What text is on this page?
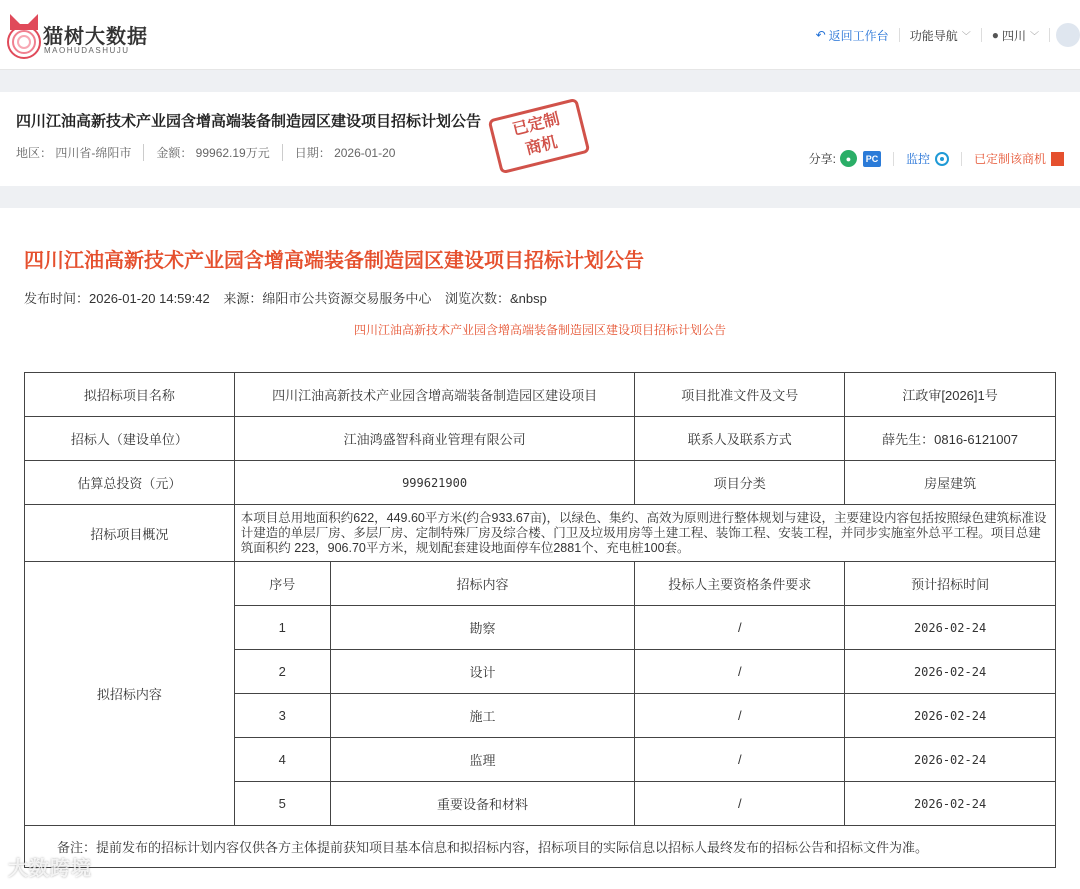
猫树大数据
MAOHUDASHUJU
↶ 返回工作台 功能导航 ﹀ ● 四川 ﹀
四川江油高新技术产业园含增高端装备制造园区建设项目招标计划公告
地区： 四川省-绵阳市	金额： 99962.19万元	日期： 2026-01-20
已定制
商机
分享:	●	PC 监控	已定制该商机
四川江油高新技术产业园含增高端装备制造园区建设项目招标计划公告
发布时间：2026-01-20 14:59:42 来源：绵阳市公共资源交易服务中心 浏览次数：&nbsp
四川江油高新技术产业园含增高端装备制造园区建设项目招标计划公告
拟招标项目名称	四川江油高新技术产业园含增高端装备制造园区建设项目		项目批准文件及文号	江政审[2026]1号
招标人（建设单位）	江油鸿盛智科商业管理有限公司		联系人及联系方式	薛先生：0816-6121007
估算总投资（元）	999621900		项目分类	房屋建筑
招标项目概况	本项目总用地面积约622，449.60平方米(约合933.67亩)，以绿色、集约、高效为原则进行整体规划与建设，主要建设内容包括按照绿色建筑标准设计建造的单层厂房、多层厂房、定制特殊厂房及综合楼、门卫及垃圾用房等土建工程、装饰工程、安装工程，并同步实施室外总平工程。项目总建筑面积约 223，906.70平方米，规划配套建设地面停车位2881个、充电桩100套。			
拟招标内容	序号	招标内容	投标人主要资格条件要求	预计招标时间
	1	勘察	/	2026-02-24
	2	设计	/	2026-02-24
	3	施工	/	2026-02-24
	4	监理	/	2026-02-24
	5	重要设备和材料	/	2026-02-24
备注：提前发布的招标计划内容仅供各方主体提前获知项目基本信息和拟招标内容，招标项目的实际信息以招标人最终发布的招标公告和招标文件为准。				
大数跨境
